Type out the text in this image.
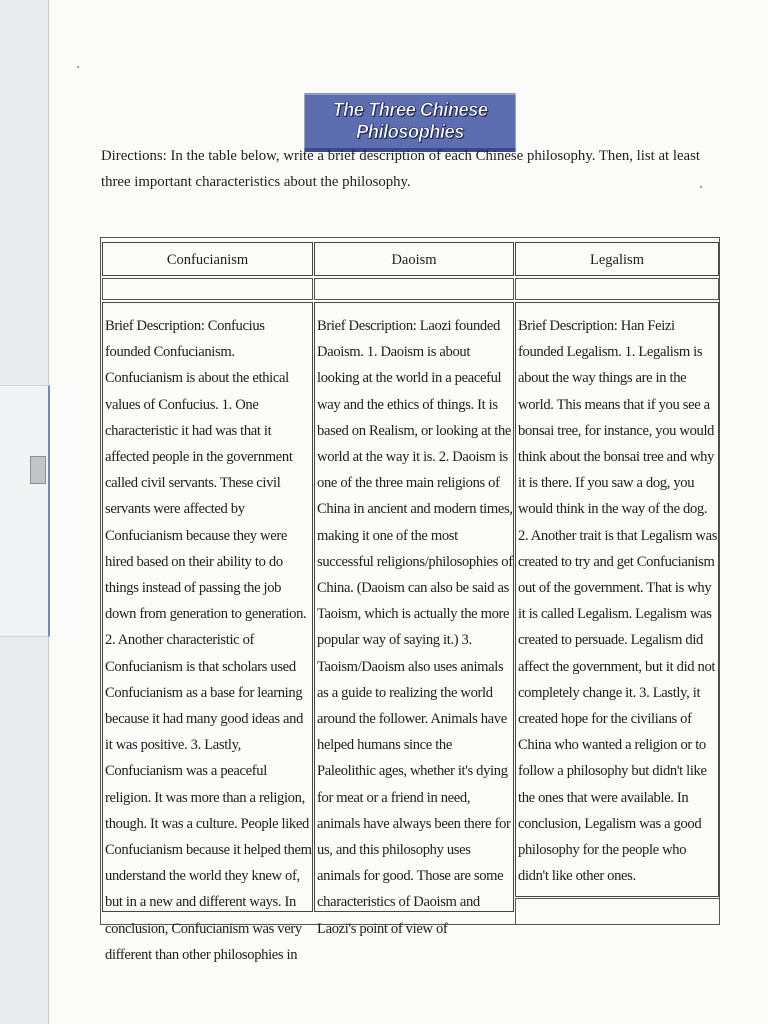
The Three Chinese Philosophies
Directions: In the table below, write a brief description of each Chinese philosophy. Then, list at least three important characteristics about the philosophy.
Confucianism	Daoism	Legalism

Brief Description: Confucius founded Confucianism. Confucianism is about the ethical values of Confucius. 1. One characteristic it had was that it affected people in the government called civil servants. These civil servants were affected by Confucianism because they were hired based on their ability to do things instead of passing the job down from generation to generation. 2. Another characteristic of Confucianism is that scholars used Confucianism as a base for learning because it had many good ideas and it was positive. 3. Lastly, Confucianism was a peaceful religion. It was more than a religion, though. It was a culture. People liked Confucianism because it helped them understand the world they knew of, but in a new and different ways. In conclusion, Confucianism was very different than other philosophies in

Brief Description: Laozi founded Daoism. 1. Daoism is about looking at the world in a peaceful way and the ethics of things. It is based on Realism, or looking at the world at the way it is. 2. Daoism is one of the three main religions of China in ancient and modern times, making it one of the most successful religions/philosophies of China. (Daoism can also be said as Taoism, which is actually the more popular way of saying it.) 3. Taoism/Daoism also uses animals as a guide to realizing the world around the follower. Animals have helped humans since the Paleolithic ages, whether it's dying for meat or a friend in need, animals have always been there for us, and this philosophy uses animals for good. Those are some characteristics of Daoism and Laozi's point of view of

Brief Description: Han Feizi founded Legalism. 1. Legalism is about the way things are in the world. This means that if you see a bonsai tree, for instance, you would think about the bonsai tree and why it is there. If you saw a dog, you would think in the way of the dog. 2. Another trait is that Legalism was created to try and get Confucianism out of the government. That is why it is called Legalism. Legalism was created to persuade. Legalism did affect the government, but it did not completely change it. 3. Lastly, it created hope for the civilians of China who wanted a religion or to follow a philosophy but didn't like the ones that were available. In conclusion, Legalism was a good philosophy for the people who didn't like other ones.
